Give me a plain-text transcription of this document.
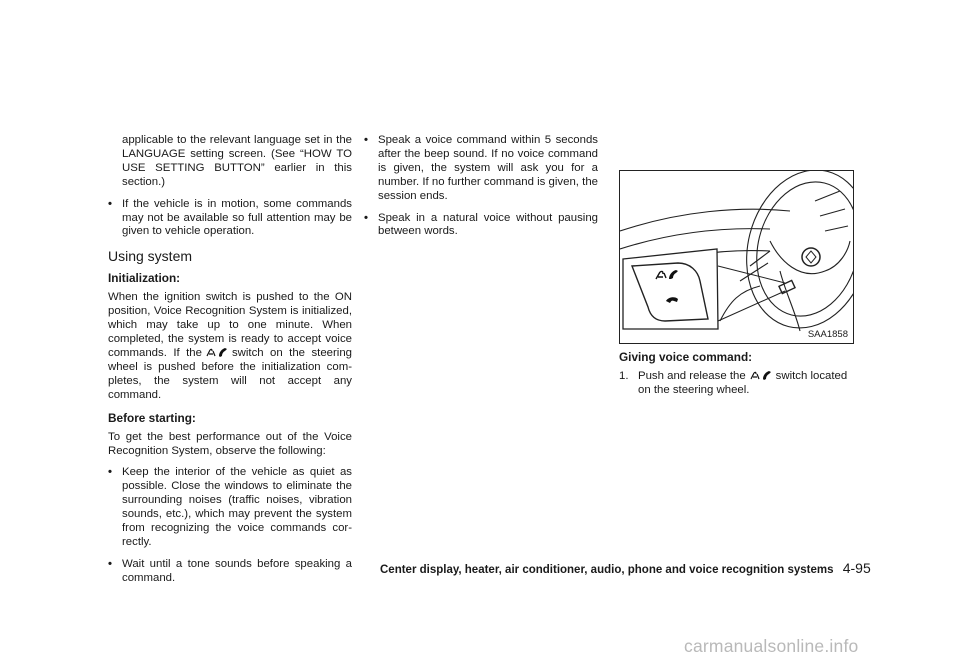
applicable to the relevant language set in the LANGUAGE setting screen. (See “HOW TO USE SETTING BUTTON” earlier in this section.)

• If the vehicle is in motion, some commands may not be available so full attention may be given to vehicle operation.
Using system
Initialization:

When the ignition switch is pushed to the ON position, Voice Recognition System is initialized, which may take up to one minute. When completed, the system is ready to accept voice commands. If the	switch on the steering wheel is pushed before the initialization com-pletes, the system will not accept any command.

Before starting:

To get the best performance out of the Voice Recognition System, observe the following:

• Keep the interior of the vehicle as quiet as possible. Close the windows to eliminate the surrounding noises (traffic noises, vibration sounds, etc.), which may prevent the system from recognizing the voice commands cor-rectly.
• Wait until a tone sounds before speaking a command.
• Speak a voice command within 5 seconds after the beep sound. If no voice command is given, the system will ask you for a number. If no further command is given, the session ends.
• Speak in a natural voice without pausing between words.
SAA1858
Giving voice command:
1. Push and release the	switch located on the steering wheel.
Center display, heater, air conditioner, audio, phone and voice recognition systems 4-95
carmanualsonline.info
